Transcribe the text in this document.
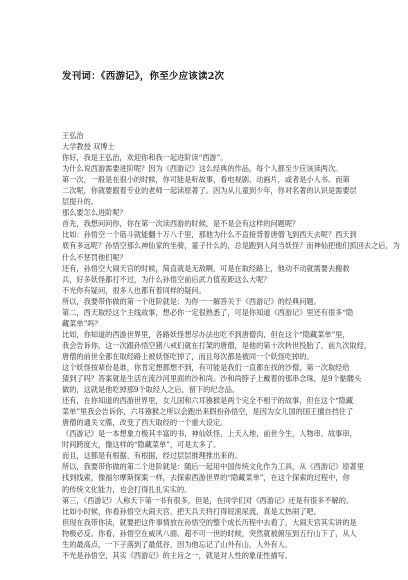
发刊词：《西游记》，你至少应该读2次

王弘治

大学教授 双博士

你好，我是王弘治，欢迎你和我一起进阶读“西游”。

为什么说西游需要进阶呢？因为《西游记》这么经典的作品，每个人都至少应该读两次。

第一次，一般是在很小的时候，你可能是听故事，看电视剧、动画片，或者是小人书。而第

二次呢，你就要跟着专业的老师一起读原著了。因为从儿童到少年，你对名著的认识是需要层

层提升的。

那么要怎么进阶呢？

首先，我想问问你，你在第一次读西游的时候，是不是会有这样的问题呢？

比如：孙悟空一个筋斗就能翻十万八千里，那他为什么不直接背着唐僧飞到西天去呢？西天到

底有多远呢？孙悟空那么神仙家的坐骑，童子什么的，总是跑到人间当妖怪？而神仙把他们抓回去之后，为

什么不惩罚他们呢？

还有，孙悟空大闹天宫的时候，简直就是无敌啊，可是在取经路上，他动不动就需要去搬救

兵，好多妖怪都打不过，为什么孙悟空前后武力值差距这么大呢？

不光你有疑问，很多人也都有着同样的疑问。

所以，我要带你做的第一个进阶就是：为你一一解答关于《西游记》的经典问题。

第二，西天取经这个主线故事，想必你一定很熟悉了，可是你知道《西游记》里还有很多“隐

藏菜单”吗？

比如，你知道的西游世界里，各路妖怪想尽办法也吃不到唐僧肉，但在这个“隐藏菜单”里，

我会告诉你，这一次跟孙悟空猪八戒们就在打架的唐僧，是他的第十次转世投胎了，前九次取经，

唐僧的前世全都在取经路上被妖怪吃掉了，而且每次都是被同一个妖怪吃掉的。

这个妖怪按辈份是谁，你肯定想都想不到，有可能是我们一直都在找的沙僧，第一次取经给

猜到了吗？答案就是生活在流沙河里面的沙和尚。沙和尚脖子上戴着的那串念珠，是9个骷髅头

做的，这就是他吃掉那9个取经人之后，留下的纪念品。

还有，在你知道的西游世界里，女儿国和六耳猕猴是两个完全不相干的故事，但在这个“隐藏

菜单”里我会告诉你，六耳猕猴之所以会跑出来假扮孙悟空，是因为女儿国的国王擅自挡住了

唐僧的通关文牒，改变了西天取经的一个重大设定。

《西游记》是一本想象力极其丰富的书，神仙妖怪，上天入地，前世今生，人物串，故事串，

时间跨度大，像这样的“隐藏菜单”，可是太多了。

而且，这都是有根据、有根据，经过层层推理推出来的。

所以，我要带你做的第二个进阶就是：随后一起用中国传统文化作为工具，从《西游记》原著里

找到线索，像福尔摩斯探案一样，去探索西游世界的“隐藏菜单”，在这个探索的过程中，你

的传统文化能力，也会打得扎扎实实的。

第三，《西游记》人称天下第一书有很多，但是，在同学们对《西游记》还是有很多不解的。

比如小时候，你看孙悟空大闹天宫，把天兵天将打得屁滚尿流，真是太热闹了吧。

但现在我带你读，就要把这件事情放在孙悟空的整个成长历程中去看了，大闹天宫其实讲的是

物极必反。你看，孙悟空在威风八面、超不可一世的时候，突然就被俯压到五行山下了，从人

生的最高点，一下子落到了最低谷，因为他忘记了山外有山，人外有人。

不光是孙悟空，其实《西游记》的主旨之一，就是对人性的象征性描写。
